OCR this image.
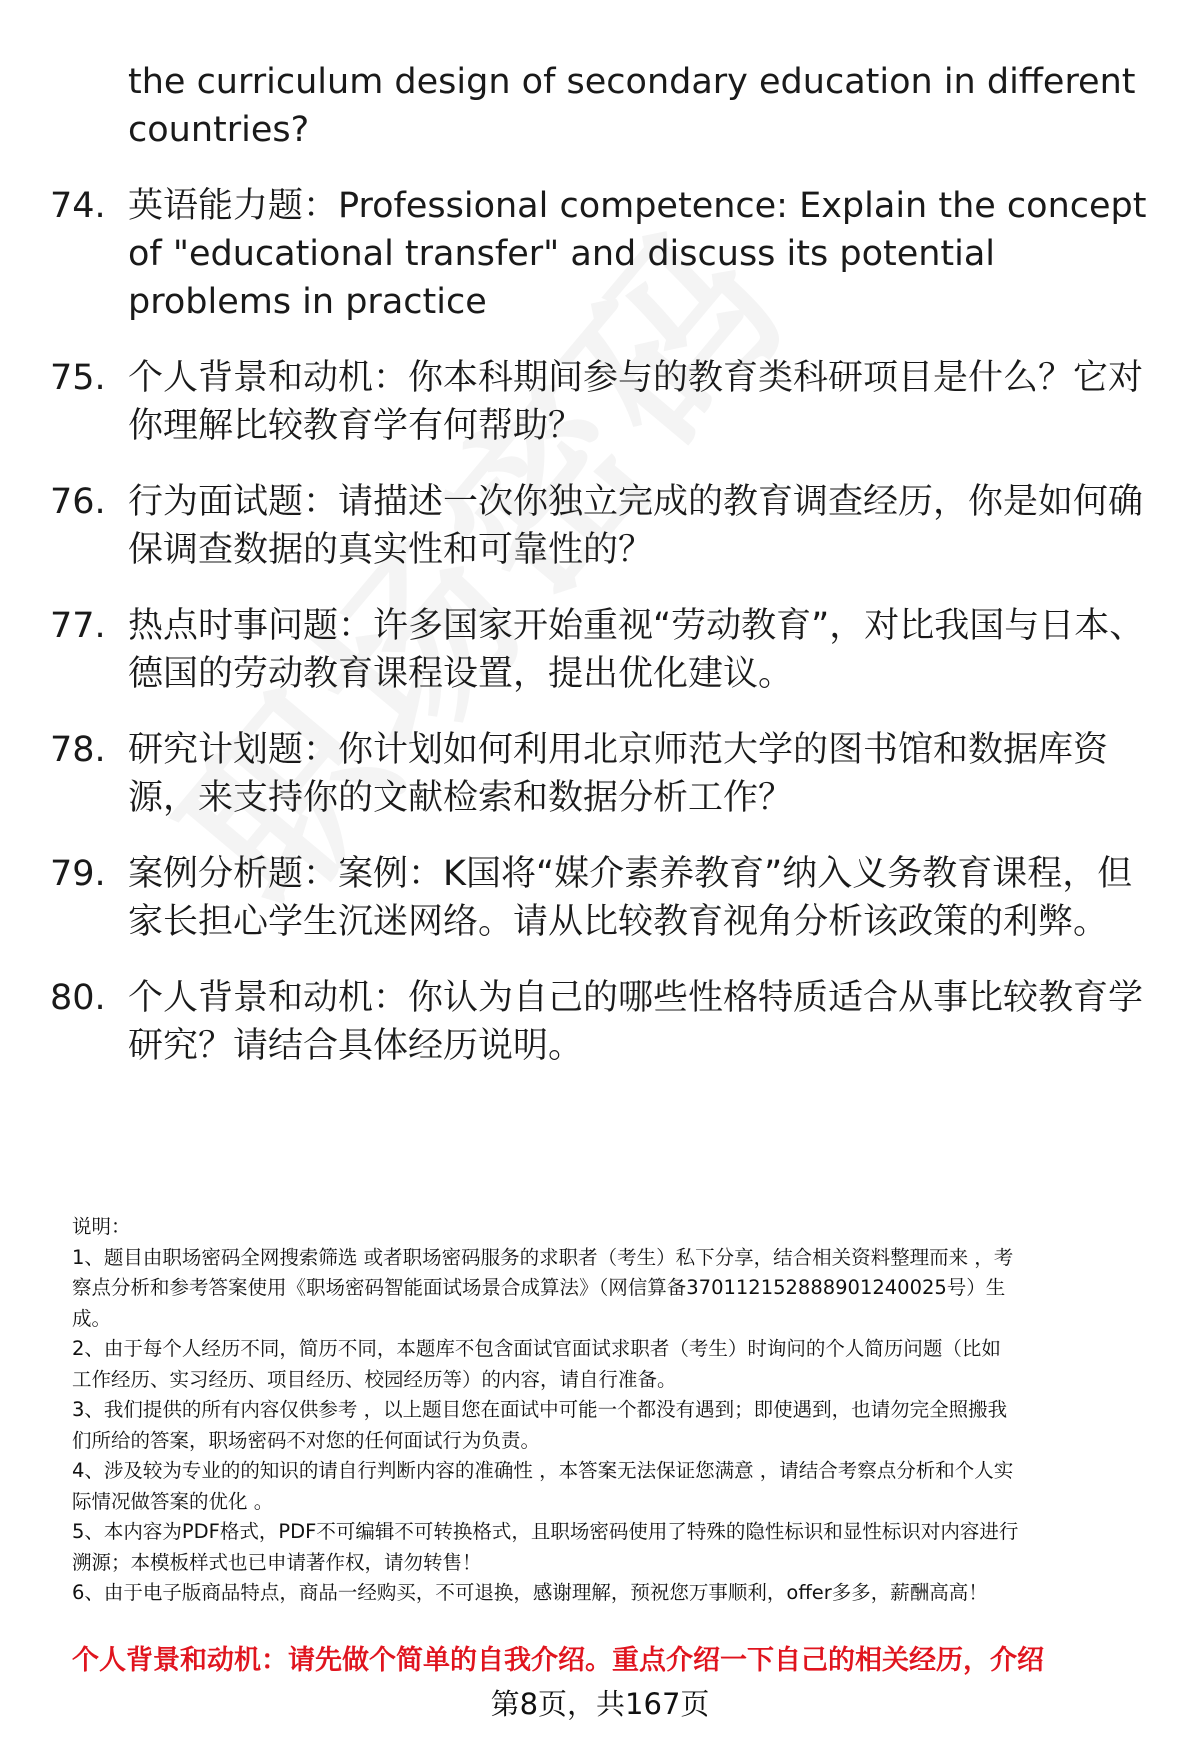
the curriculum design of secondary education in different countries?
74. 英语能力题：Professional competence: Explain the concept of "educational transfer" and discuss its potential problems in practice
75. 个人背景和动机：你本科期间参与的教育类科研项目是什么？它对你理解比较教育学有何帮助？
76. 行为面试题：请描述一次你独立完成的教育调查经历，你是如何确保调查数据的真实性和可靠性的？
77. 热点时事问题：许多国家开始重视“劳动教育”，对比我国与日本、德国的劳动教育课程设置，提出优化建议。
78. 研究计划题：你计划如何利用北京师范大学的图书馆和数据库资源，来支持你的文献检索和数据分析工作？
79. 案例分析题：案例：K国将“媒介素养教育”纳入义务教育课程，但家长担心学生沉迷网络。请从比较教育视角分析该政策的利弊。
80. 个人背景和动机：你认为自己的哪些性格特质适合从事比较教育学研究？请结合具体经历说明。
说明：
1、题目由职场密码全网搜索筛选 或者职场密码服务的求职者（考生）私下分享，结合相关资料整理而来 ，考
察点分析和参考答案使用《职场密码智能面试场景合成算法》（网信算备370112152888901240025号）生
成。
2、由于每个人经历不同，简历不同，本题库不包含面试官面试求职者（考生）时询问的个人简历问题（比如
工作经历、实习经历、项目经历、校园经历等）的内容，请自行准备。
3、我们提供的所有内容仅供参考 ，以上题目您在面试中可能一个都没有遇到；即使遇到，也请勿完全照搬我
们所给的答案，职场密码不对您的任何面试行为负责。
4、涉及较为专业的的知识的请自行判断内容的准确性 ，本答案无法保证您满意 ，请结合考察点分析和个人实
际情况做答案的优化 。
5、本内容为PDF格式，PDF不可编辑不可转换格式，且职场密码使用了特殊的隐性标识和显性标识对内容进行
溯源；本模板样式也已申请著作权，请勿转售！
6、由于电子版商品特点，商品一经购买，不可退换，感谢理解，预祝您万事顺利，offer多多，薪酬高高！
个人背景和动机：请先做个简单的自我介绍。重点介绍一下自己的相关经历，介绍
第8页，共167页
